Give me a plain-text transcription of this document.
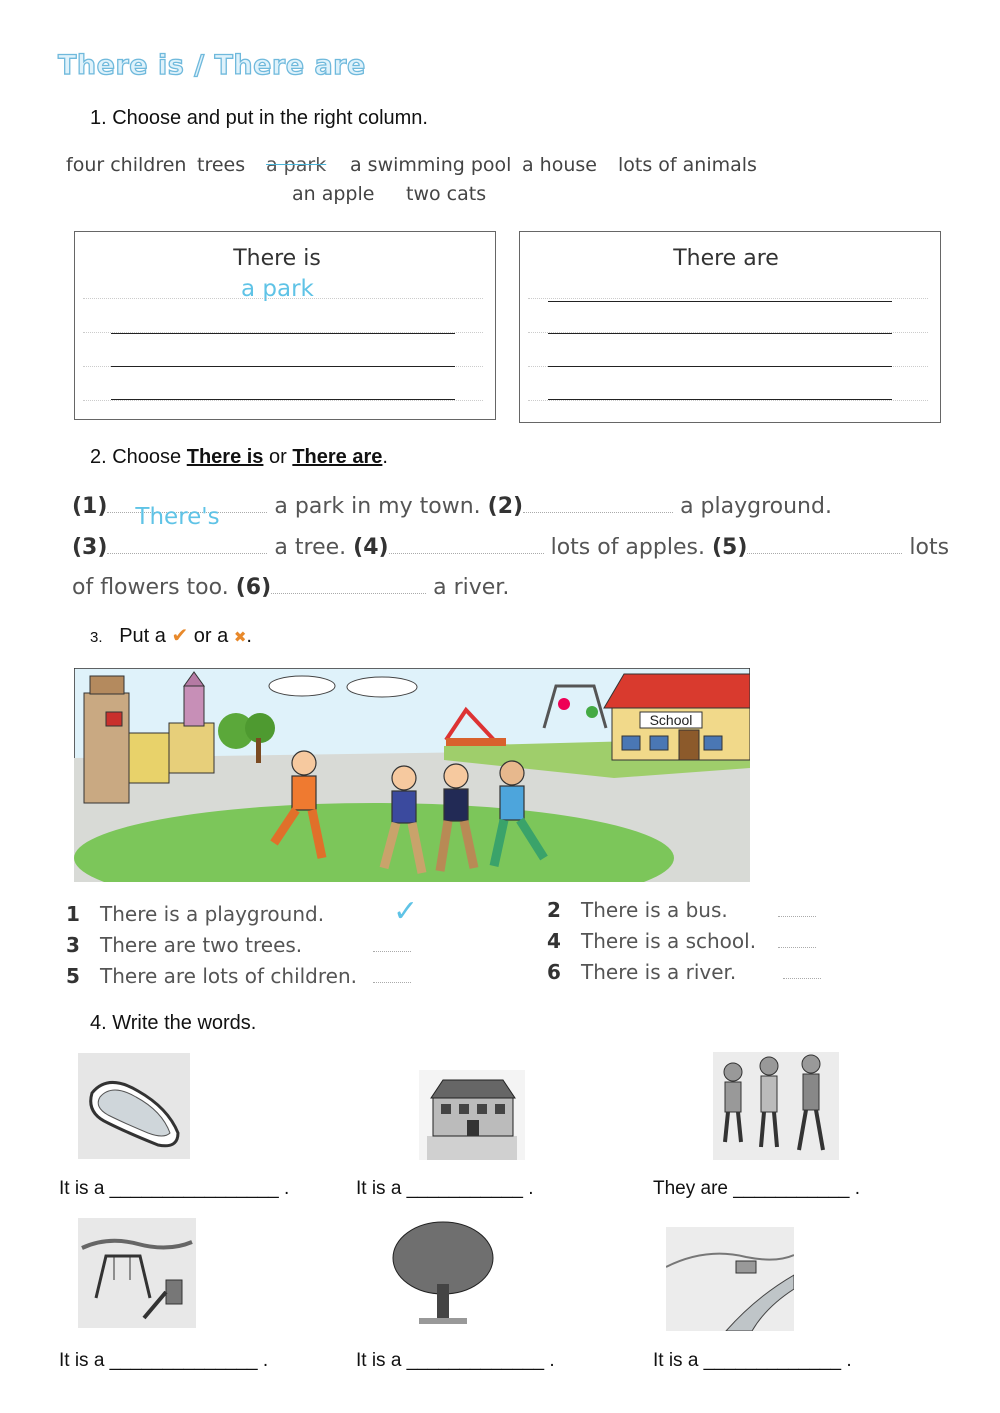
There is / There are
1. Choose and put in the right column.
four children trees a park a swimming pool a house lots of animals
an apple two cats
There is
a park
There are
2. Choose There is or There are.
(1) There's a park in my town. (2)	a playground.
(3)	a tree. (4)	lots of apples. (5)	lots
of flowers too. (6)	a river.
3. Put a ✔ or a ✖.
School
1 There is a playground. ✓	2 There is a bus.
3 There are two trees.	4 There is a school.
5 There are lots of children.	6 There is a river.
4. Write the words.
It is a ________________ .	It is a ___________ .	They are ___________ .
It is a ______________ .	It is a _____________ .	It is a _____________ .
